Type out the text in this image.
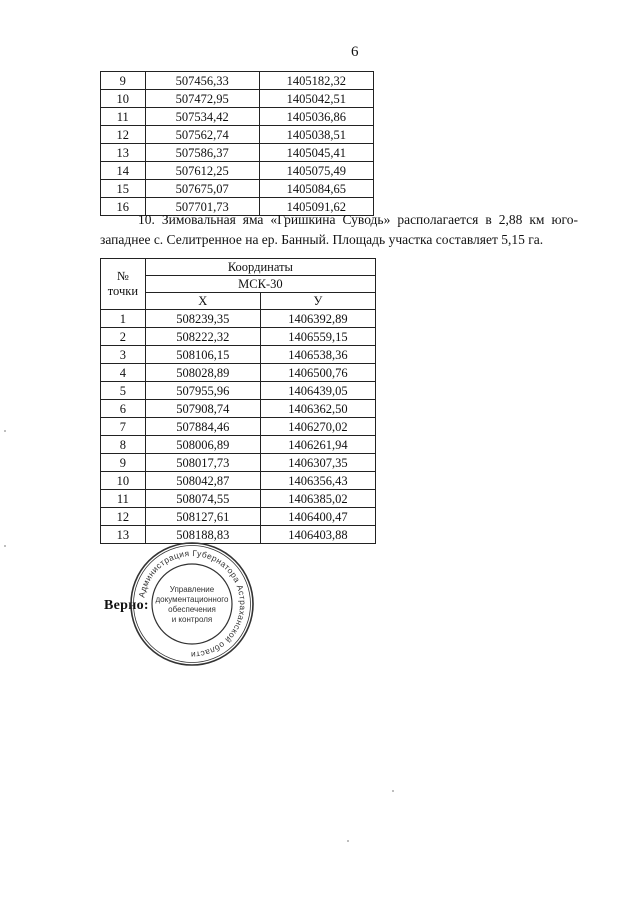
6
9	507456,33	1405182,32
10	507472,95	1405042,51
11	507534,42	1405036,86
12	507562,74	1405038,51
13	507586,37	1405045,41
14	507612,25	1405075,49
15	507675,07	1405084,65
16	507701,73	1405091,62
10. Зимовальная яма «Гришкина Суводь» располагается в 2,88 км юго-западнее с. Селитренное на ер. Банный. Площадь участка составляет 5,15 га.
№
точки	Координаты	
	МСК-30	
	X	У
1	508239,35	1406392,89
2	508222,32	1406559,15
3	508106,15	1406538,36
4	508028,89	1406500,76
5	507955,96	1406439,05
6	507908,74	1406362,50
7	507884,46	1406270,02
8	508006,89	1406261,94
9	508017,73	1406307,35
10	508042,87	1406356,43
11	508074,55	1406385,02
12	508127,61	1406400,47
13	508188,83	1406403,88
Верно:
Администрация Губернатора Астраханской области
Управление
документационного
обеспечения
и контроля
